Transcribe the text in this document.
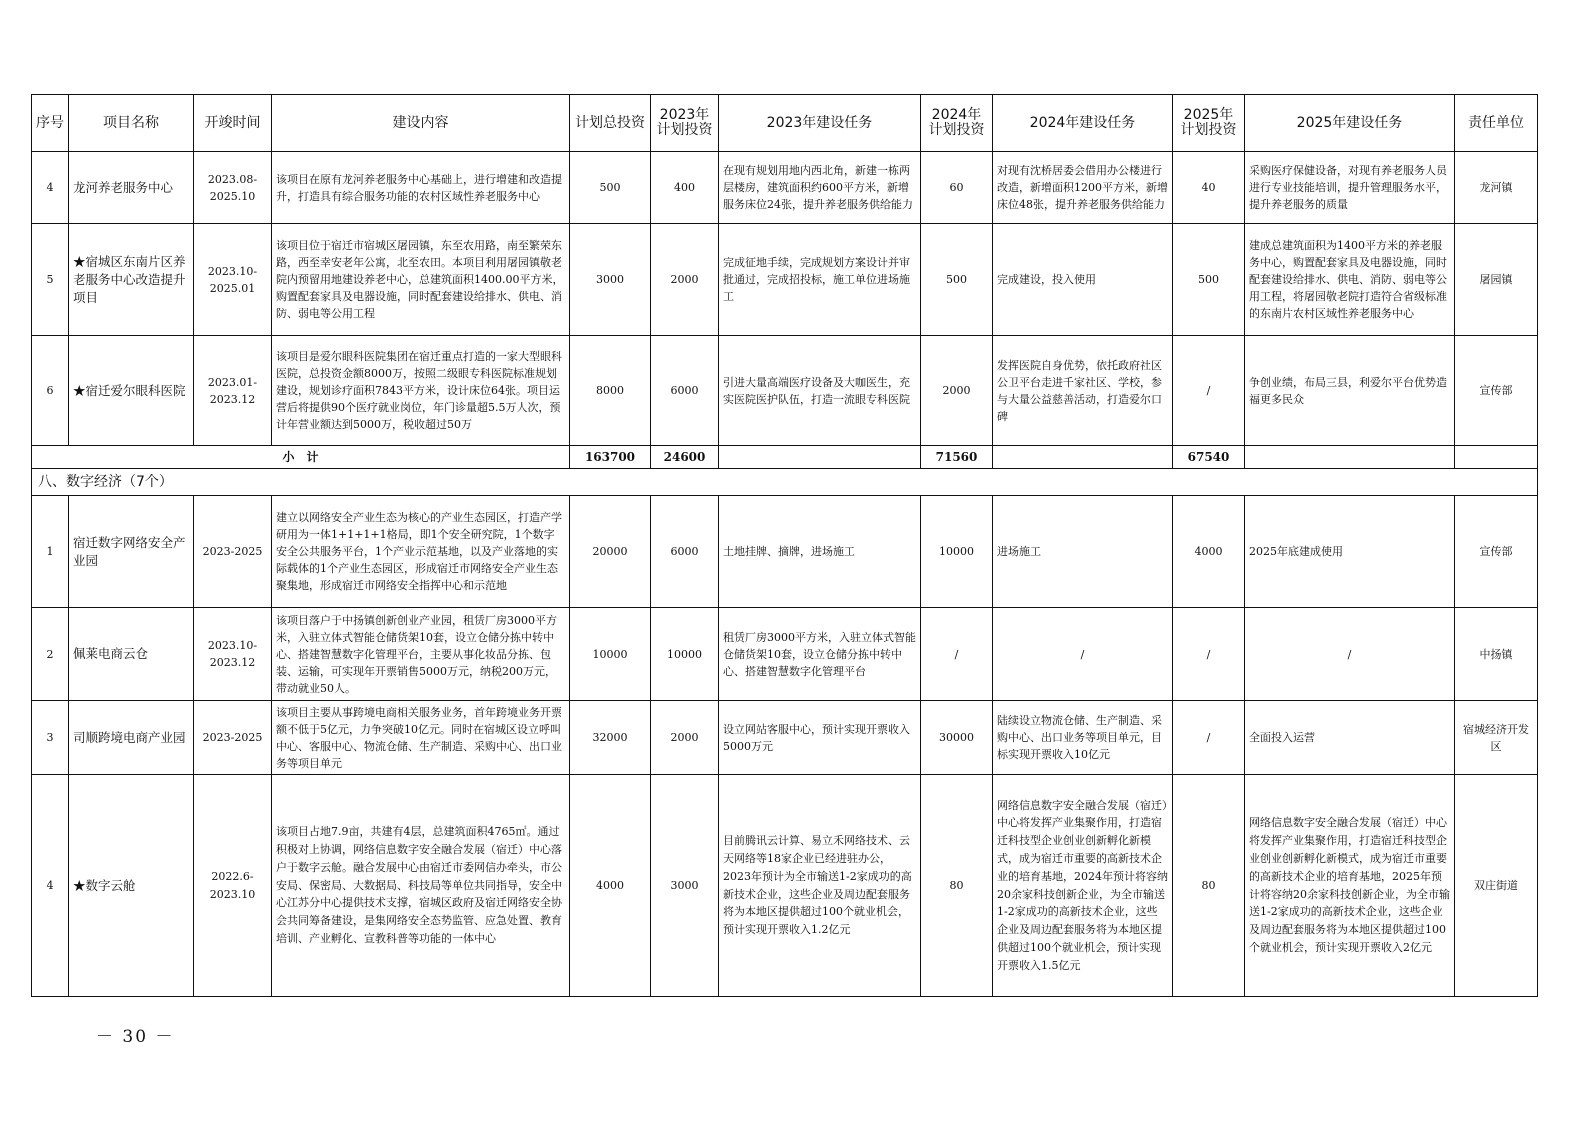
序号	项目名称	开竣时间	建设内容	计划总投资	2023年计划投资	2023年建设任务	2024年计划投资	2024年建设任务	2025年计划投资	2025年建设任务	责任单位
4	龙河养老服务中心	2023.08-2025.10	该项目在原有龙河养老服务中心基础上，进行增建和改造提升，打造具有综合服务功能的农村区域性养老服务中心	500	400	在现有规划用地内西北角，新建一栋两层楼房，建筑面积约600平方米，新增服务床位24张，提升养老服务供给能力	60	对现有沈桥居委会借用办公楼进行改造，新增面积1200平方米，新增床位48张，提升养老服务供给能力	40	采购医疗保健设备，对现有养老服务人员进行专业技能培训，提升管理服务水平，提升养老服务的质量	龙河镇
5	★宿城区东南片区养老服务中心改造提升项目	2023.10-2025.01	该项目位于宿迁市宿城区屠园镇，东至农用路，南至繁荣东路，西至幸安老年公寓，北至农田。本项目利用屠园镇敬老院内预留用地建设养老中心，总建筑面积1400.00平方米，购置配套家具及电器设施，同时配套建设给排水、供电、消防、弱电等公用工程	3000	2000	完成征地手续，完成规划方案设计并审批通过，完成招投标，施工单位进场施工	500	完成建设，投入使用	500	建成总建筑面积为1400平方米的养老服务中心，购置配套家具及电器设施，同时配套建设给排水、供电、消防、弱电等公用工程，将屠园敬老院打造符合省级标准的东南片农村区域性养老服务中心	屠园镇
6	★宿迁爱尔眼科医院	2023.01-2023.12	该项目是爱尔眼科医院集团在宿迁重点打造的一家大型眼科医院，总投资金额8000万，按照二级眼专科医院标准规划建设，规划诊疗面积7843平方米，设计床位64张。项目运营后将提供90个医疗就业岗位，年门诊量超5.5万人次，预计年营业额达到5000万，税收超过50万	8000	6000	引进大量高端医疗设备及大咖医生，充实医院医护队伍，打造一流眼专科医院	2000	发挥医院自身优势，依托政府社区公卫平台走进千家社区、学校，参与大量公益慈善活动，打造爱尔口碑	/	争创业绩，布局三县，利爱尔平台优势造福更多民众	宣传部
小　计				163700	24600		71560		67540		
八、数字经济（7个）											
1	宿迁数字网络安全产业园	2023-2025	建立以网络安全产业生态为核心的产业生态园区，打造产学研用为一体1+1+1+1格局，即1个安全研究院，1个数字安全公共服务平台，1个产业示范基地，以及产业落地的实际载体的1个产业生态园区，形成宿迁市网络安全产业生态聚集地，形成宿迁市网络安全指挥中心和示范地	20000	6000	土地挂牌、摘牌，进场施工	10000	进场施工	4000	2025年底建成使用	宣传部
2	佩莱电商云仓	2023.10-2023.12	该项目落户于中扬镇创新创业产业园，租赁厂房3000平方米，入驻立体式智能仓储货架10套，设立仓储分拣中转中心、搭建智慧数字化管理平台，主要从事化妆品分拣、包装、运输，可实现年开票销售5000万元，纳税200万元，带动就业50人。	10000	10000	租赁厂房3000平方米，入驻立体式智能仓储货架10套，设立仓储分拣中转中心、搭建智慧数字化管理平台	/	/	/	/	中扬镇
3	司顺跨境电商产业园	2023-2025	该项目主要从事跨境电商相关服务业务，首年跨境业务开票额不低于5亿元，力争突破10亿元。同时在宿城区设立呼叫中心、客服中心、物流仓储、生产制造、采购中心、出口业务等项目单元	32000	2000	设立网站客服中心，预计实现开票收入5000万元	30000	陆续设立物流仓储、生产制造、采购中心、出口业务等项目单元，目标实现开票收入10亿元	/	全面投入运营	宿城经济开发区
4	★数字云舱	2022.6-2023.10	该项目占地7.9亩，共建有4层，总建筑面积4765㎡。通过积极对上协调，网络信息数字安全融合发展（宿迁）中心落户于数字云舱。融合发展中心由宿迁市委网信办牵头，市公安局、保密局、大数据局、科技局等单位共同指导，安全中心江苏分中心提供技术支撑，宿城区政府及宿迁网络安全协会共同筹备建设，是集网络安全态势监管、应急处置、教育培训、产业孵化、宣教科普等功能的一体中心	4000	3000	目前腾讯云计算、易立禾网络技术、云天网络等18家企业已经进驻办公，2023年预计为全市输送1-2家成功的高新技术企业，这些企业及周边配套服务将为本地区提供超过100个就业机会，预计实现开票收入1.2亿元	80	网络信息数字安全融合发展（宿迁）中心将发挥产业集聚作用，打造宿迁科技型企业创业创新孵化新模式，成为宿迁市重要的高新技术企业的培育基地，2024年预计将容纳20余家科技创新企业，为全市输送1-2家成功的高新技术企业，这些企业及周边配套服务将为本地区提供超过100个就业机会，预计实现开票收入1.5亿元	80	网络信息数字安全融合发展（宿迁）中心将发挥产业集聚作用，打造宿迁科技型企业创业创新孵化新模式，成为宿迁市重要的高新技术企业的培育基地，2025年预计将容纳20余家科技创新企业，为全市输送1-2家成功的高新技术企业，这些企业及周边配套服务将为本地区提供超过100个就业机会，预计实现开票收入2亿元	双庄街道
－ 30 －
